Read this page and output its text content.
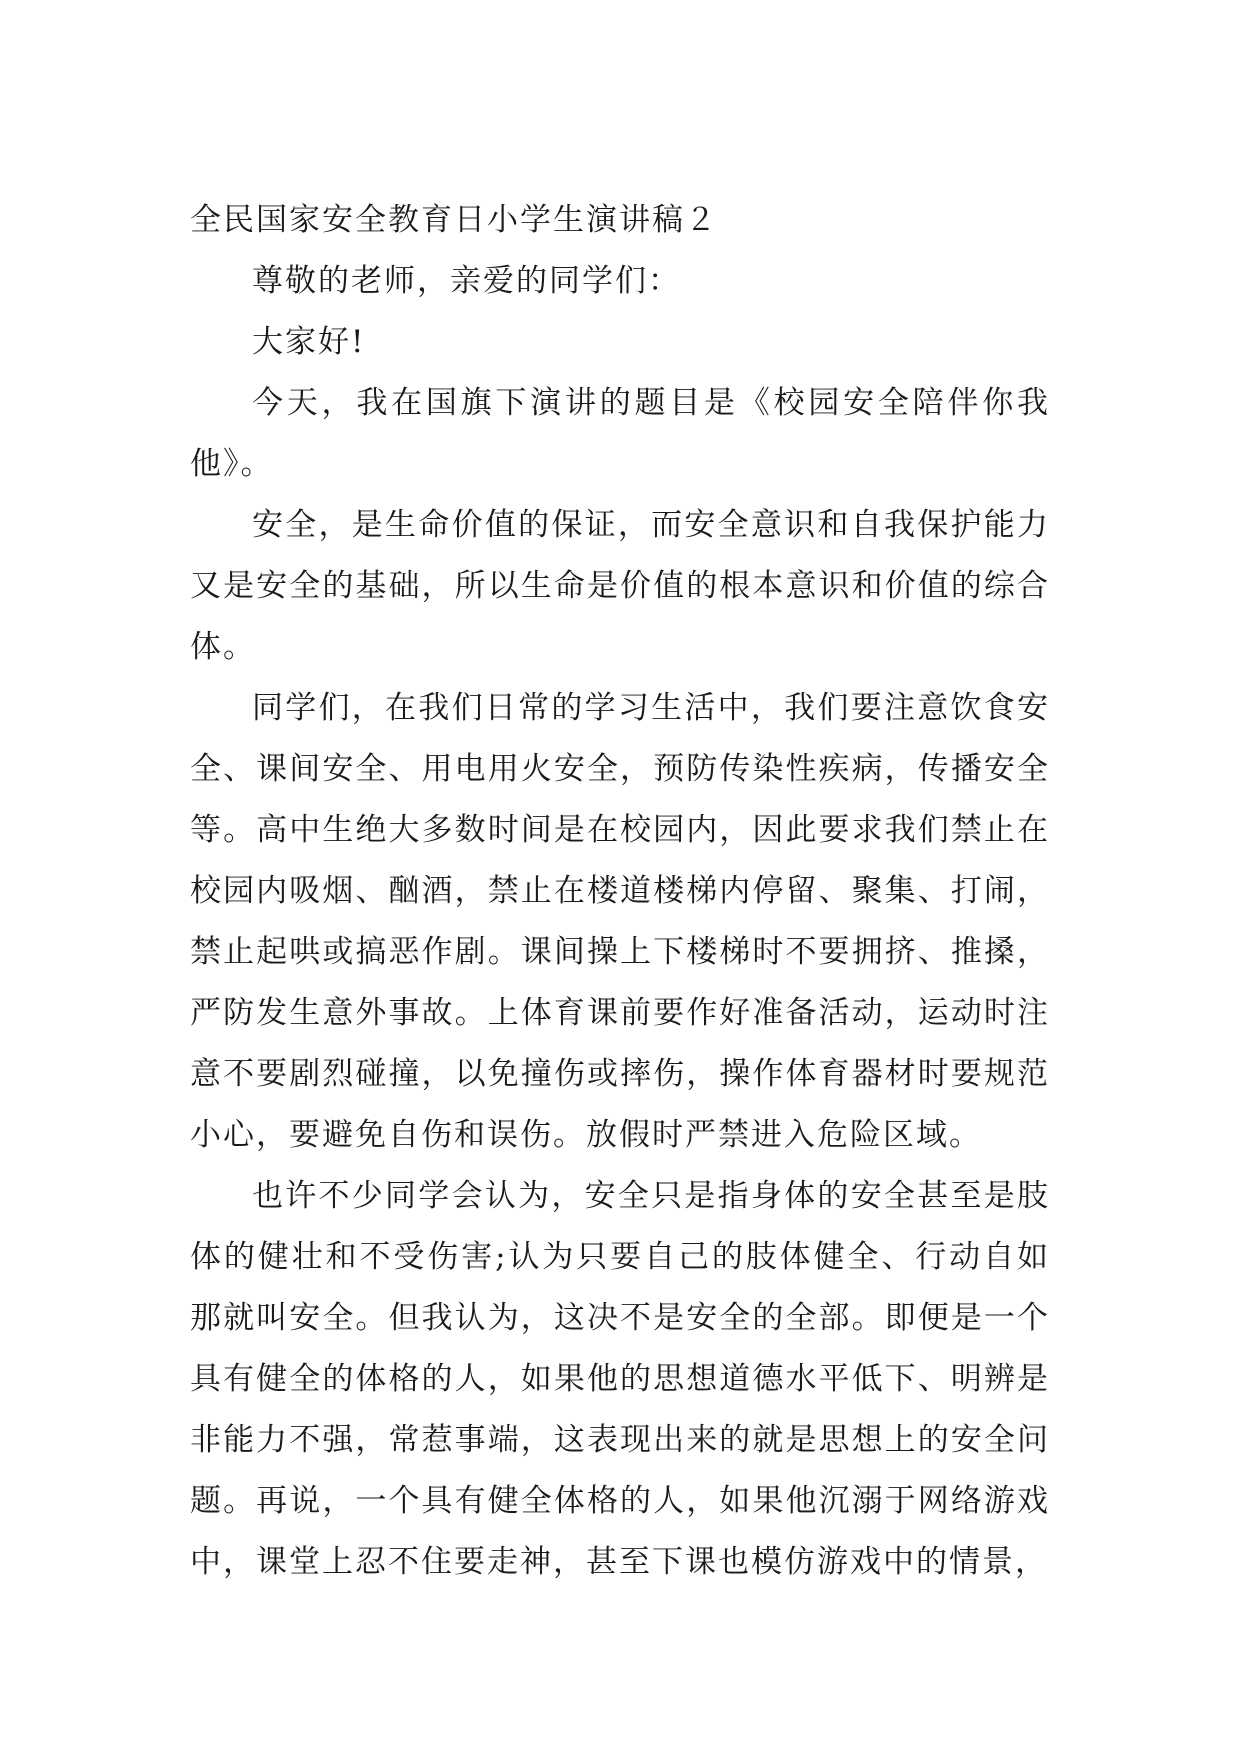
全民国家安全教育日小学生演讲稿２

尊敬的老师，亲爱的同学们：

大家好!

今天，我在国旗下演讲的题目是《校园安全陪伴你我他》。

安全，是生命价值的保证，而安全意识和自我保护能力又是安全的基础，所以生命是价值的根本意识和价值的综合体。

同学们，在我们日常的学习生活中，我们要注意饮食安全、课间安全、用电用火安全，预防传染性疾病，传播安全等。高中生绝大多数时间是在校园内，因此要求我们禁止在校园内吸烟、酗酒，禁止在楼道楼梯内停留、聚集、打闹，禁止起哄或搞恶作剧。课间操上下楼梯时不要拥挤、推搡，严防发生意外事故。上体育课前要作好准备活动，运动时注意不要剧烈碰撞，以免撞伤或摔伤，操作体育器材时要规范小心，要避免自伤和误伤。放假时严禁进入危险区域。

也许不少同学会认为，安全只是指身体的安全甚至是肢体的健壮和不受伤害;认为只要自己的肢体健全、行动自如那就叫安全。但我认为，这决不是安全的全部。即便是一个具有健全的体格的人，如果他的思想道德水平低下、明辨是非能力不强，常惹事端，这表现出来的就是思想上的安全问题。再说，一个具有健全体格的人，如果他沉溺于网络游戏中，课堂上忍不住要走神，甚至下课也模仿游戏中的情景，
